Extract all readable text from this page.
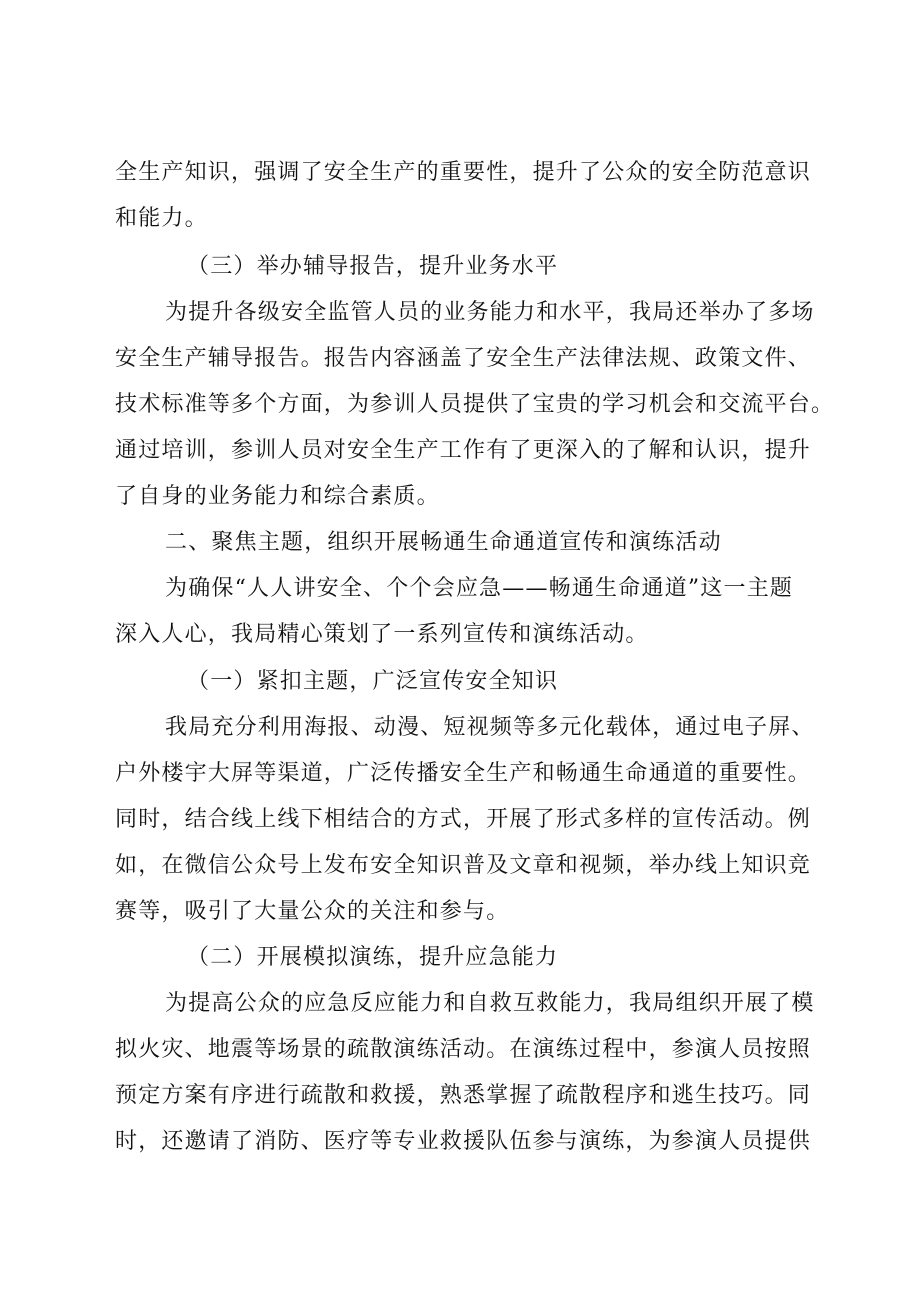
全生产知识，强调了安全生产的重要性，提升了公众的安全防范意识
和能力。
（三）举办辅导报告，提升业务水平
为提升各级安全监管人员的业务能力和水平，我局还举办了多场
安全生产辅导报告。报告内容涵盖了安全生产法律法规、政策文件、
技术标准等多个方面，为参训人员提供了宝贵的学习机会和交流平台。
通过培训，参训人员对安全生产工作有了更深入的了解和认识，提升
了自身的业务能力和综合素质。
二、聚焦主题，组织开展畅通生命通道宣传和演练活动
为确保“人人讲安全、个个会应急——畅通生命通道”这一主题
深入人心，我局精心策划了一系列宣传和演练活动。
（一）紧扣主题，广泛宣传安全知识
我局充分利用海报、动漫、短视频等多元化载体，通过电子屏、
户外楼宇大屏等渠道，广泛传播安全生产和畅通生命通道的重要性。
同时，结合线上线下相结合的方式，开展了形式多样的宣传活动。例
如，在微信公众号上发布安全知识普及文章和视频，举办线上知识竞
赛等，吸引了大量公众的关注和参与。
（二）开展模拟演练，提升应急能力
为提高公众的应急反应能力和自救互救能力，我局组织开展了模
拟火灾、地震等场景的疏散演练活动。在演练过程中，参演人员按照
预定方案有序进行疏散和救援，熟悉掌握了疏散程序和逃生技巧。同
时，还邀请了消防、医疗等专业救援队伍参与演练，为参演人员提供
